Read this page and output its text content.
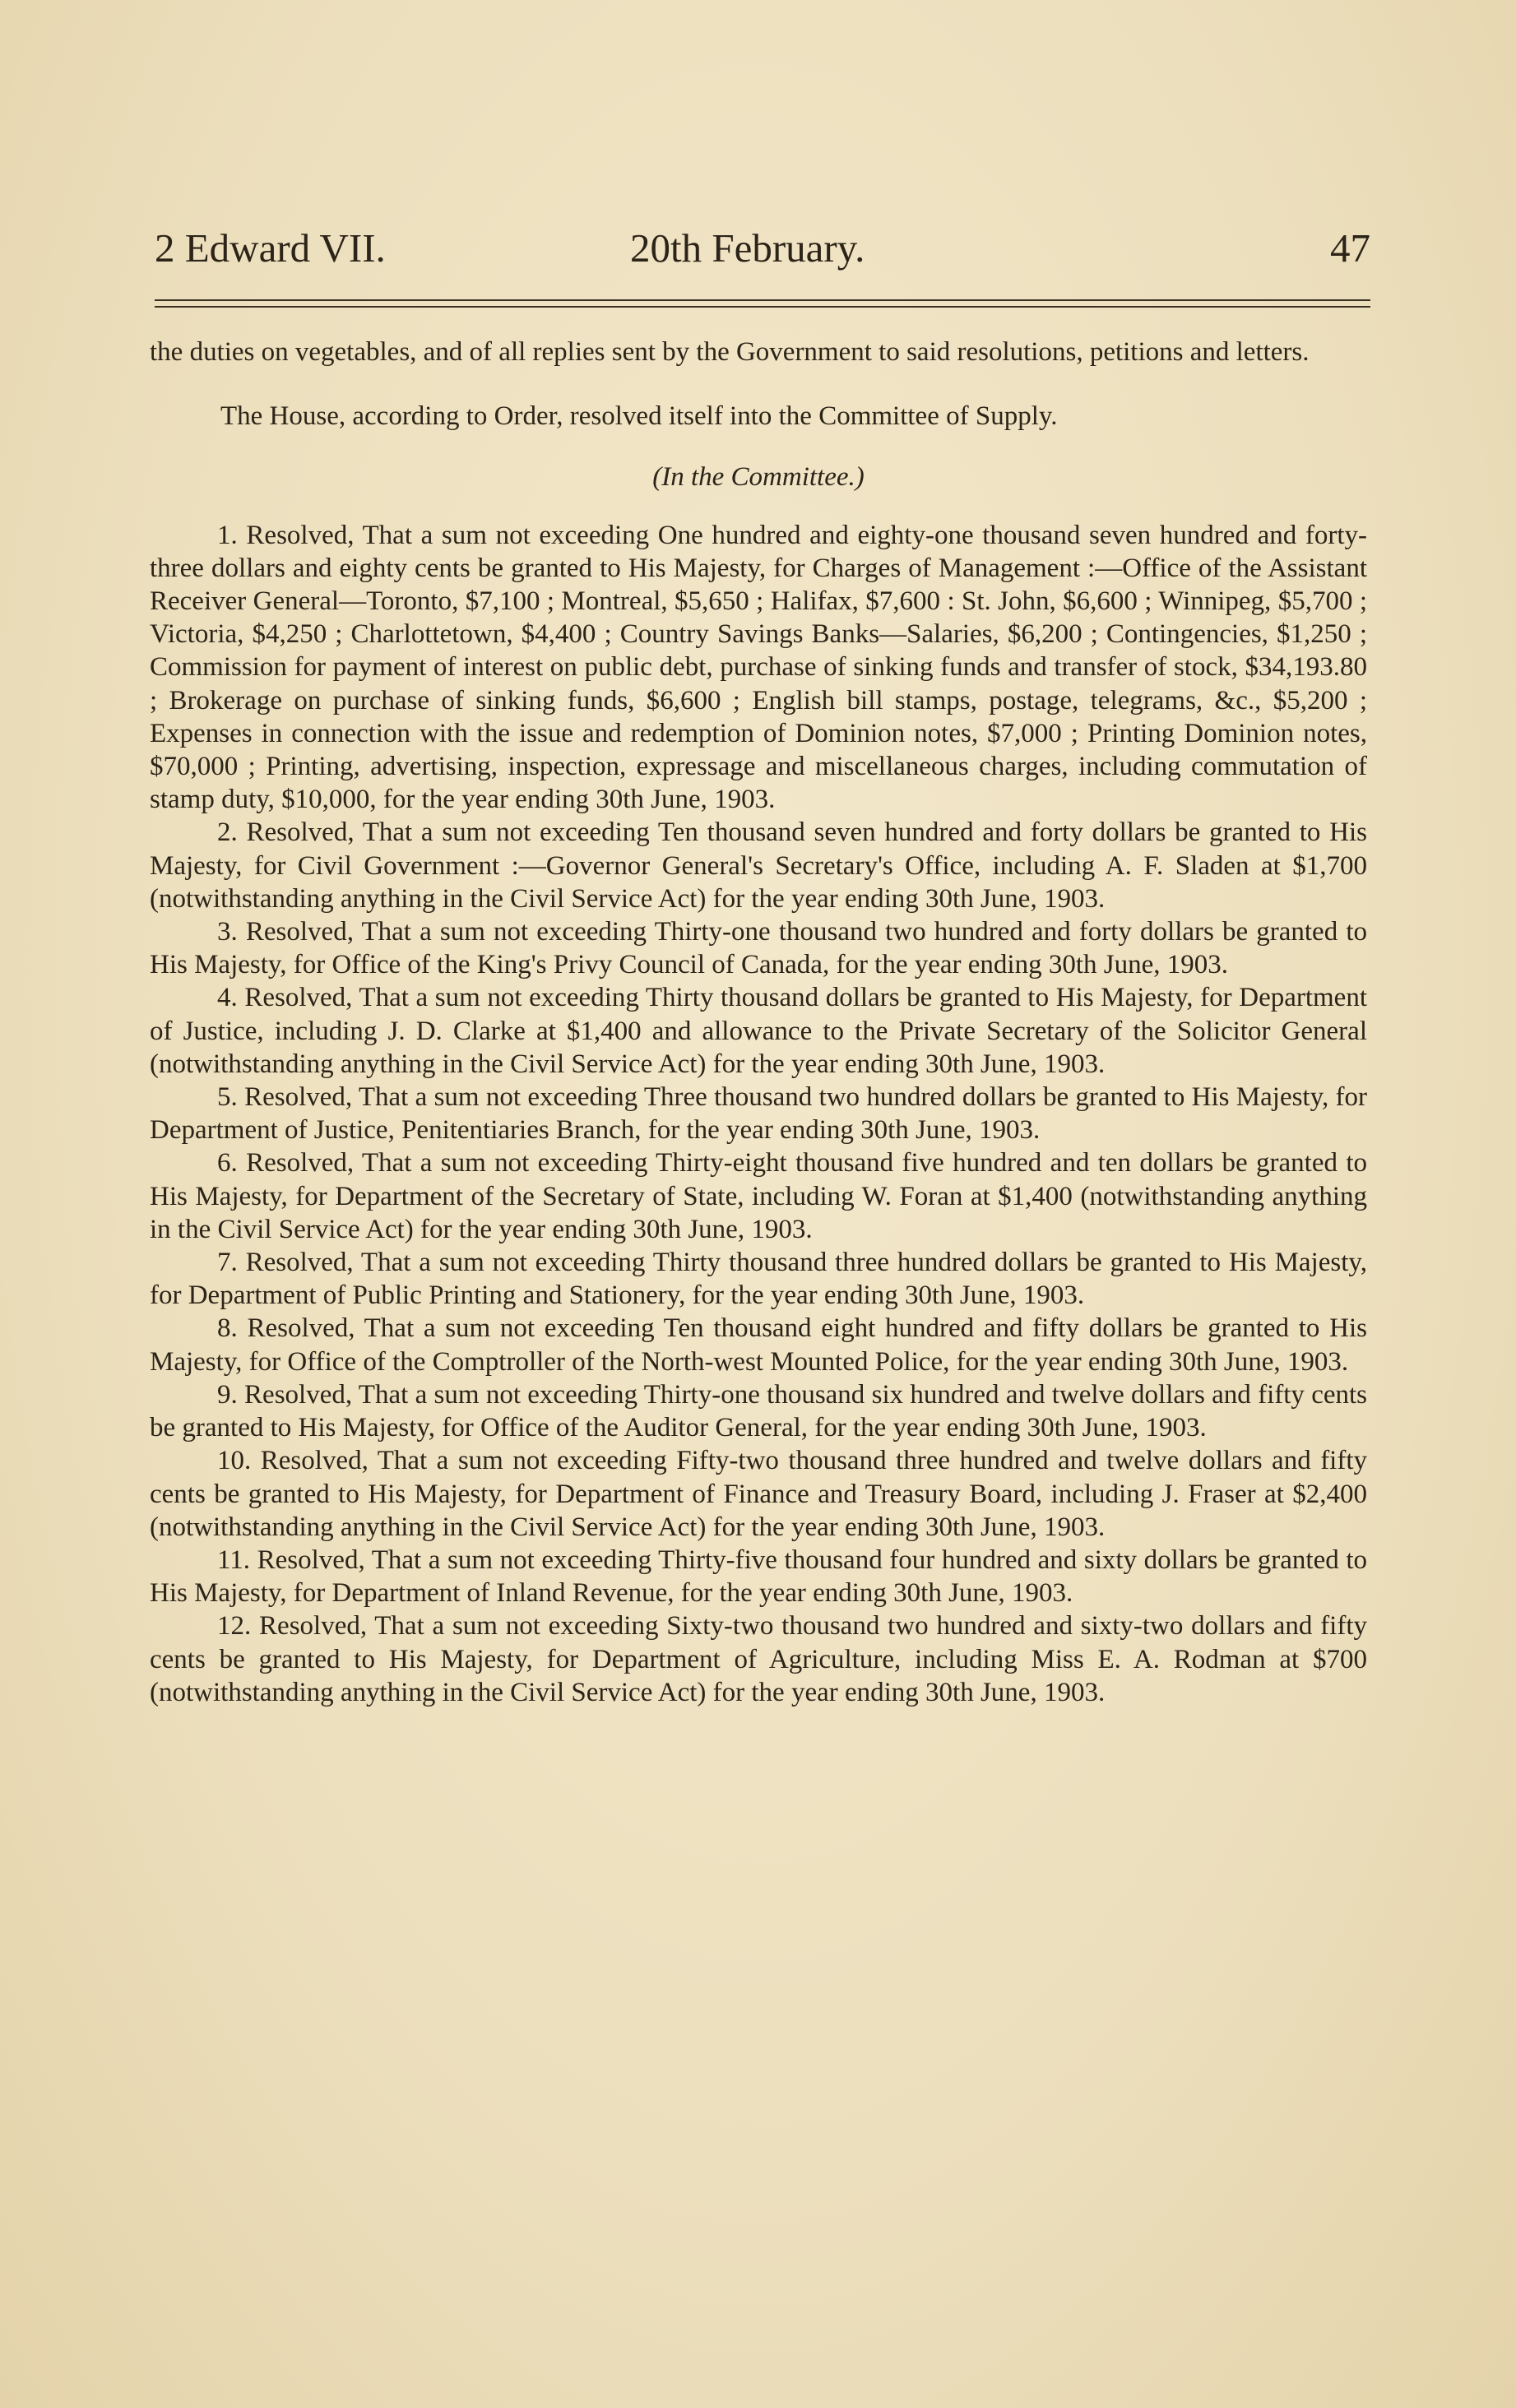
2 Edward VII.	20th February.	47

the duties on vegetables, and of all replies sent by the Government to said resolutions, petitions and letters.

The House, according to Order, resolved itself into the Committee of Supply.

(In the Committee.)

1. Resolved, That a sum not exceeding One hundred and eighty-one thousand seven hundred and forty-three dollars and eighty cents be granted to His Majesty, for Charges of Management :—Office of the Assistant Receiver General—Toronto, $7,100 ; Montreal, $5,650 ; Halifax, $7,600 : St. John, $6,600 ; Winnipeg, $5,700 ; Victoria, $4,250 ; Charlottetown, $4,400 ; Country Savings Banks—Salaries, $6,200 ; Contingencies, $1,250 ; Commission for payment of interest on public debt, purchase of sinking funds and transfer of stock, $34,193.80 ; Brokerage on purchase of sinking funds, $6,600 ; English bill stamps, postage, telegrams, &c., $5,200 ; Expenses in connection with the issue and redemption of Dominion notes, $7,000 ; Printing Dominion notes, $70,000 ; Printing, advertising, inspection, expressage and miscellaneous charges, including commutation of stamp duty, $10,000, for the year ending 30th June, 1903.

2. Resolved, That a sum not exceeding Ten thousand seven hundred and forty dollars be granted to His Majesty, for Civil Government :—Governor General's Secretary's Office, including A. F. Sladen at $1,700 (notwithstanding anything in the Civil Service Act) for the year ending 30th June, 1903.

3. Resolved, That a sum not exceeding Thirty-one thousand two hundred and forty dollars be granted to His Majesty, for Office of the King's Privy Council of Canada, for the year ending 30th June, 1903.

4. Resolved, That a sum not exceeding Thirty thousand dollars be granted to His Majesty, for Department of Justice, including J. D. Clarke at $1,400 and allowance to the Private Secretary of the Solicitor General (notwithstanding anything in the Civil Service Act) for the year ending 30th June, 1903.

5. Resolved, That a sum not exceeding Three thousand two hundred dollars be granted to His Majesty, for Department of Justice, Penitentiaries Branch, for the year ending 30th June, 1903.

6. Resolved, That a sum not exceeding Thirty-eight thousand five hundred and ten dollars be granted to His Majesty, for Department of the Secretary of State, including W. Foran at $1,400 (notwithstanding anything in the Civil Service Act) for the year ending 30th June, 1903.

7. Resolved, That a sum not exceeding Thirty thousand three hundred dollars be granted to His Majesty, for Department of Public Printing and Stationery, for the year ending 30th June, 1903.

8. Resolved, That a sum not exceeding Ten thousand eight hundred and fifty dollars be granted to His Majesty, for Office of the Comptroller of the North-west Mounted Police, for the year ending 30th June, 1903.

9. Resolved, That a sum not exceeding Thirty-one thousand six hundred and twelve dollars and fifty cents be granted to His Majesty, for Office of the Auditor General, for the year ending 30th June, 1903.

10. Resolved, That a sum not exceeding Fifty-two thousand three hundred and twelve dollars and fifty cents be granted to His Majesty, for Department of Finance and Treasury Board, including J. Fraser at $2,400 (notwithstanding anything in the Civil Service Act) for the year ending 30th June, 1903.

11. Resolved, That a sum not exceeding Thirty-five thousand four hundred and sixty dollars be granted to His Majesty, for Department of Inland Revenue, for the year ending 30th June, 1903.

12. Resolved, That a sum not exceeding Sixty-two thousand two hundred and sixty-two dollars and fifty cents be granted to His Majesty, for Department of Agriculture, including Miss E. A. Rodman at $700 (notwithstanding anything in the Civil Service Act) for the year ending 30th June, 1903.
